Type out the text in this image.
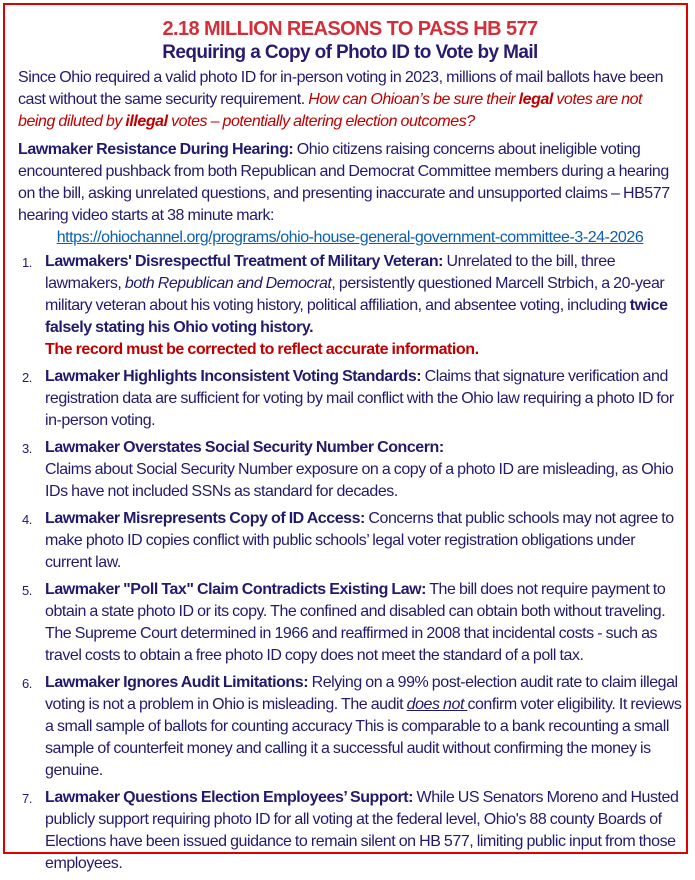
2.18 MILLION REASONS TO PASS HB 577
Requiring a Copy of Photo ID to Vote by Mail

Since Ohio required a valid photo ID for in-person voting in 2023, millions of mail ballots have been cast without the same security requirement. How can Ohioan’s be sure their legal votes are not being diluted by illegal votes – potentially altering election outcomes?

Lawmaker Resistance During Hearing: Ohio citizens raising concerns about ineligible voting encountered pushback from both Republican and Democrat Committee members during a hearing on the bill, asking unrelated questions, and presenting inaccurate and unsupported claims – HB577 hearing video starts at 38 minute mark:

https://ohiochannel.org/programs/ohio-house-general-government-committee-3-24-2026

1. Lawmakers' Disrespectful Treatment of Military Veteran: Unrelated to the bill, three lawmakers, both Republican and Democrat, persistently questioned Marcell Strbich, a 20-year military veteran about his voting history, political affiliation, and absentee voting, including twice falsely stating his Ohio voting history.
The record must be corrected to reflect accurate information.
2. Lawmaker Highlights Inconsistent Voting Standards: Claims that signature verification and registration data are sufficient for voting by mail conflict with the Ohio law requiring a photo ID for in-person voting.
3. Lawmaker Overstates Social Security Number Concern:
Claims about Social Security Number exposure on a copy of a photo ID are misleading, as Ohio IDs have not included SSNs as standard for decades.
4. Lawmaker Misrepresents Copy of ID Access: Concerns that public schools may not agree to make photo ID copies conflict with public schools’ legal voter registration obligations under current law.
5. Lawmaker "Poll Tax" Claim Contradicts Existing Law: The bill does not require payment to obtain a state photo ID or its copy. The confined and disabled can obtain both without traveling. The Supreme Court determined in 1966 and reaffirmed in 2008 that incidental costs - such as travel costs to obtain a free photo ID copy does not meet the standard of a poll tax.
6. Lawmaker Ignores Audit Limitations: Relying on a 99% post-election audit rate to claim illegal voting is not a problem in Ohio is misleading. The audit does not confirm voter eligibility. It reviews a small sample of ballots for counting accuracy This is comparable to a bank recounting a small sample of counterfeit money and calling it a successful audit without confirming the money is genuine.
7. Lawmaker Questions Election Employees’ Support: While US Senators Moreno and Husted publicly support requiring photo ID for all voting at the federal level, Ohio's 88 county Boards of Elections have been issued guidance to remain silent on HB 577, limiting public input from those employees.
